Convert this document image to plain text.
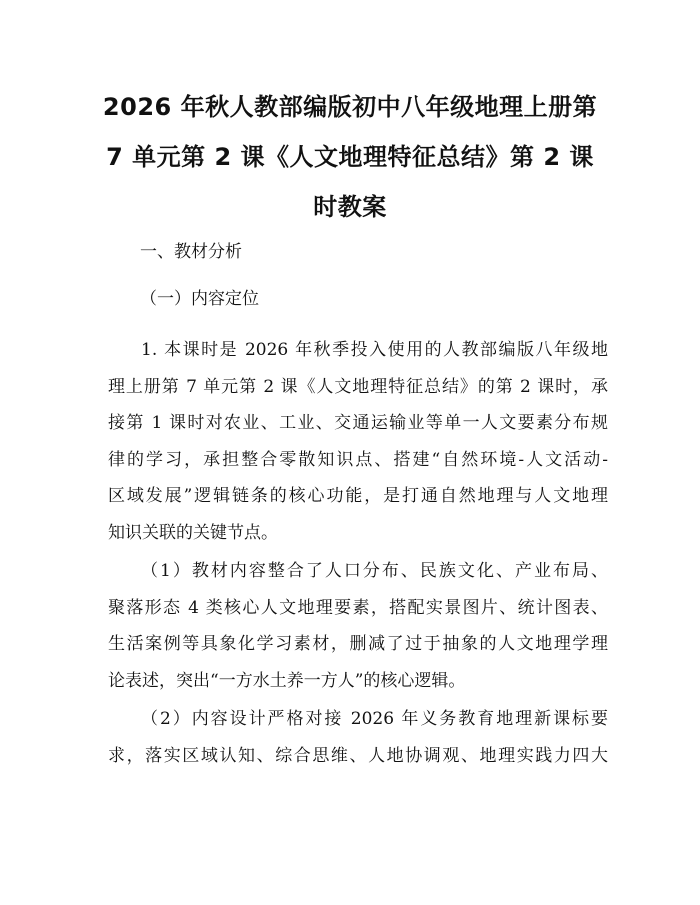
2026 年秋人教部编版初中八年级地理上册第
7 单元第 2 课《人文地理特征总结》第 2 课
时教案

一、教材分析

（一）内容定位

1. 本课时是 2026 年秋季投入使用的人教部编版八年级地
理上册第 7 单元第 2 课《人文地理特征总结》的第 2 课时，承
接第 1 课时对农业、工业、交通运输业等单一人文要素分布规
律的学习，承担整合零散知识点、搭建“自然环境-人文活动-
区域发展”逻辑链条的核心功能，是打通自然地理与人文地理
知识关联的关键节点。
（1）教材内容整合了人口分布、民族文化、产业布局、
聚落形态 4 类核心人文地理要素，搭配实景图片、统计图表、
生活案例等具象化学习素材，删减了过于抽象的人文地理学理
论表述，突出“一方水土养一方人”的核心逻辑。
（2）内容设计严格对接 2026 年义务教育地理新课标要
求，落实区域认知、综合思维、人地协调观、地理实践力四大
